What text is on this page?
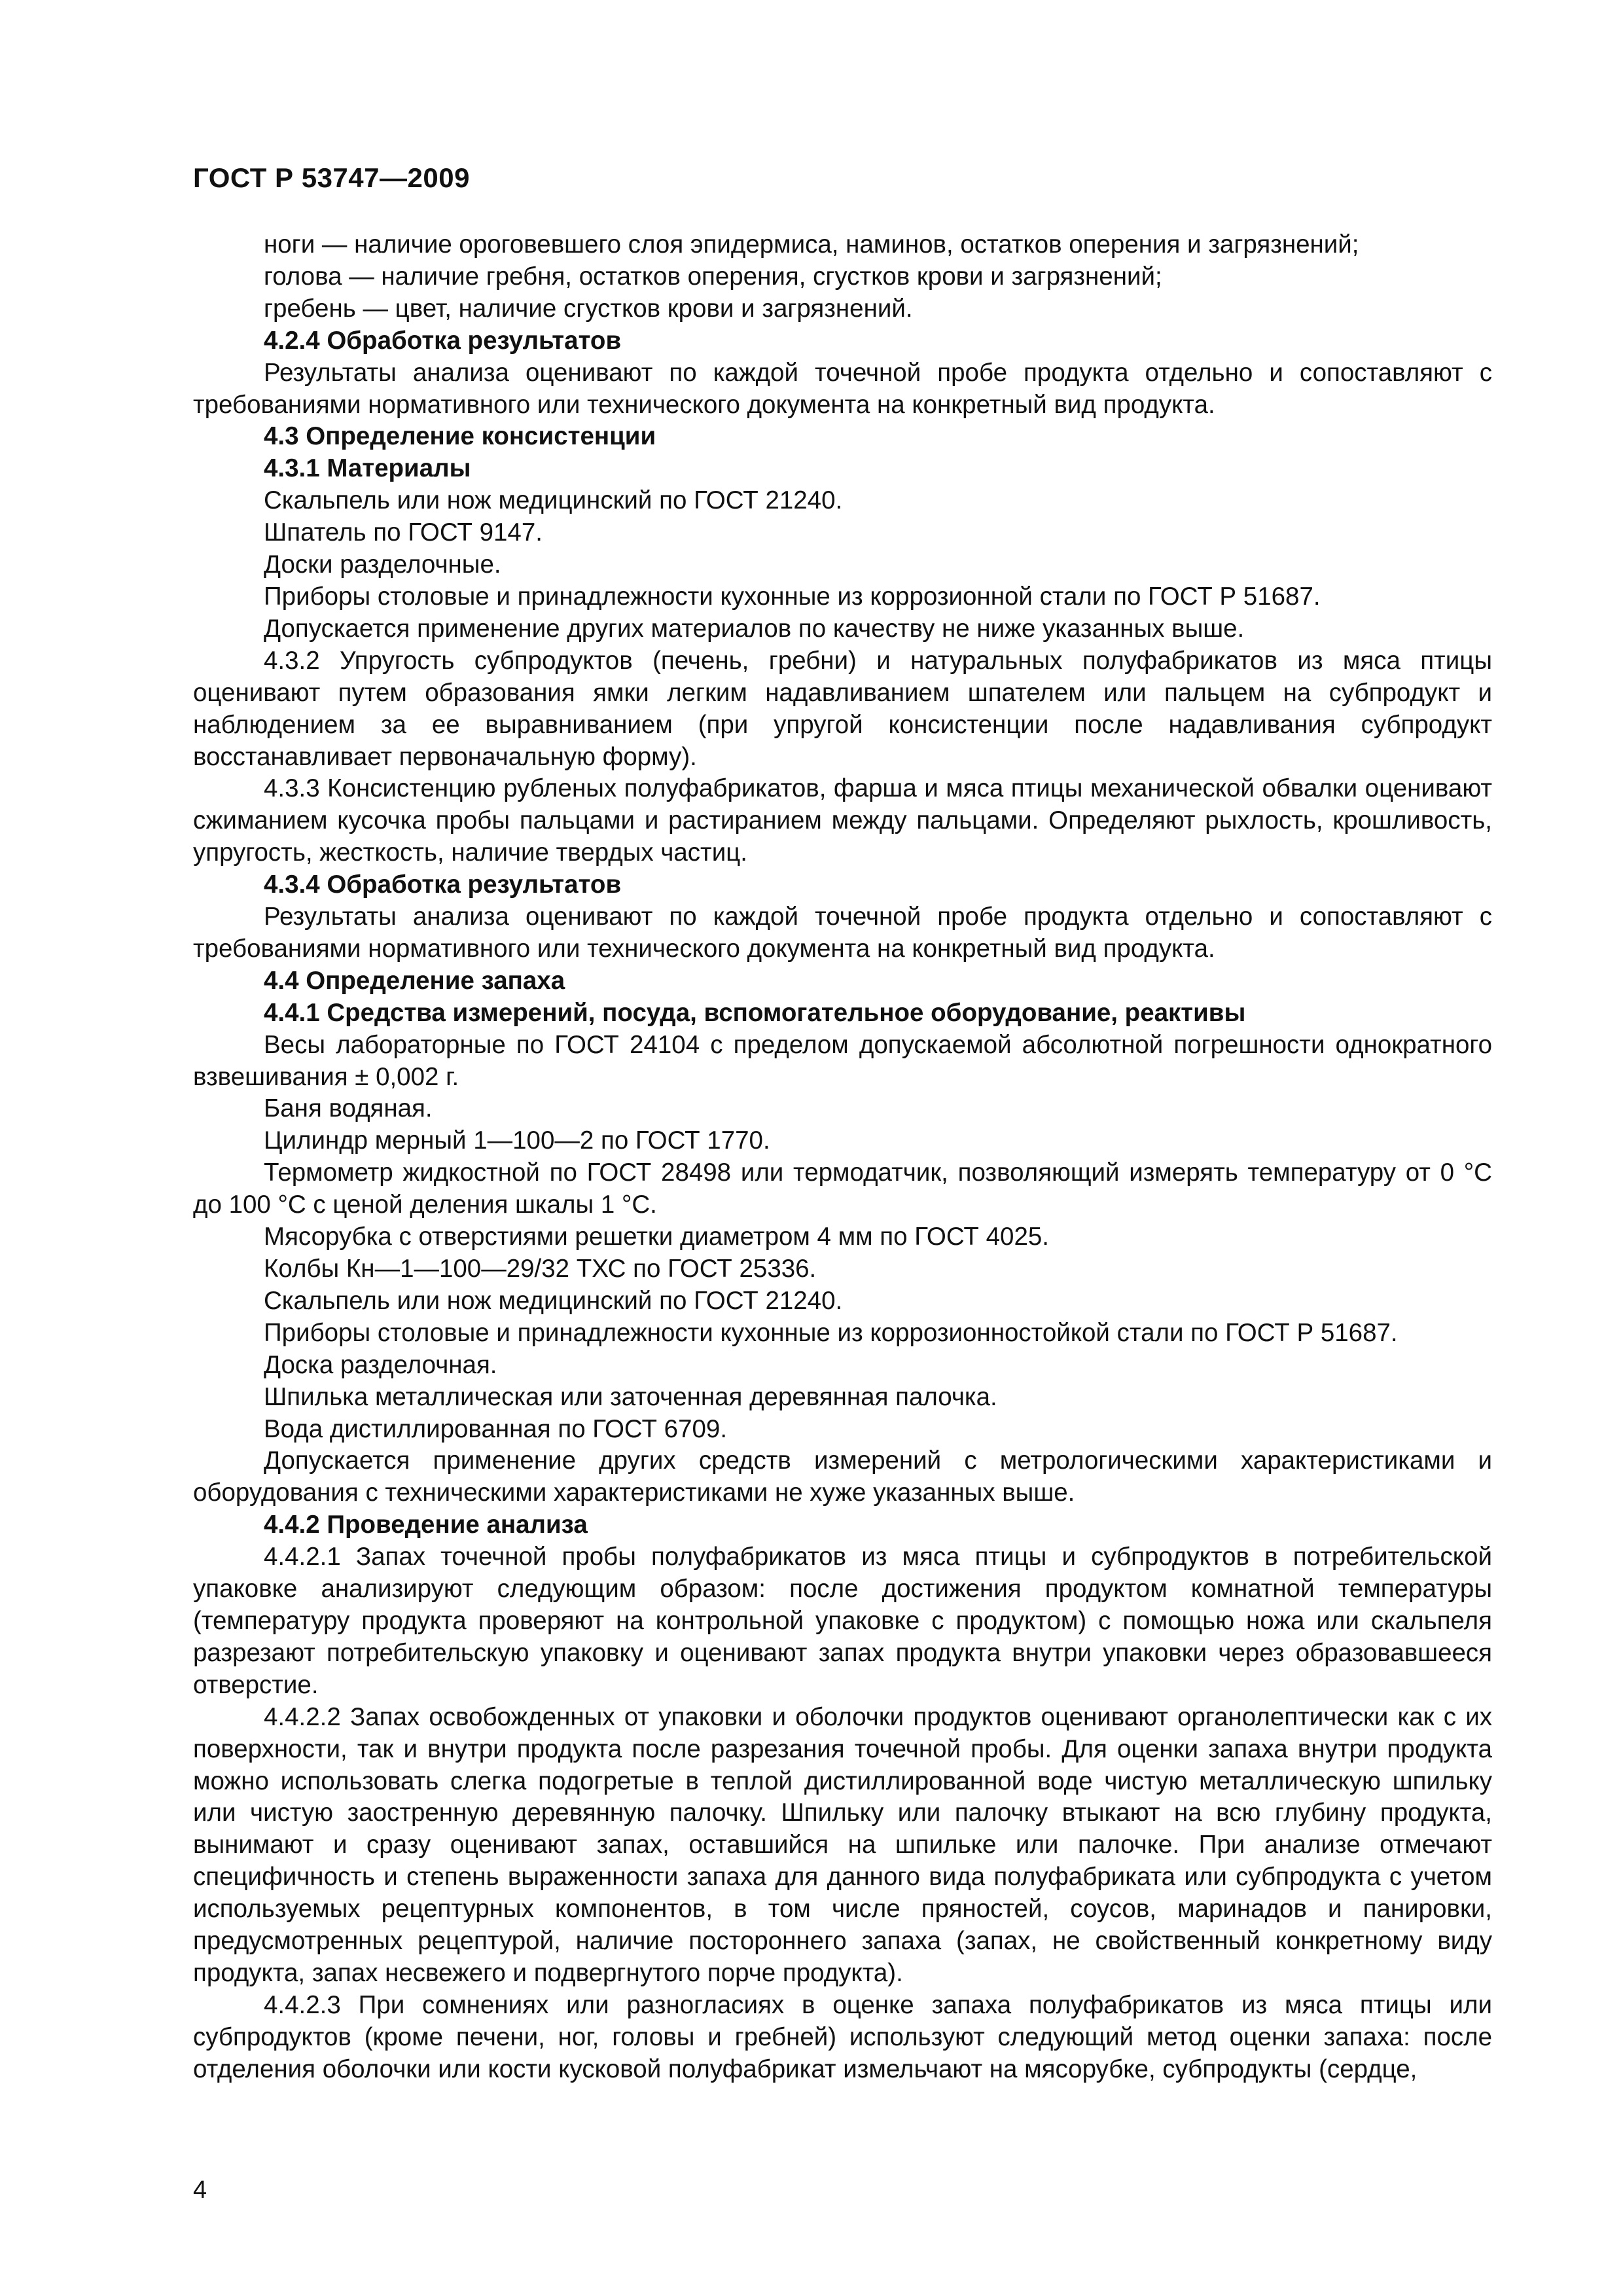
ГОСТ Р 53747—2009

ноги — наличие ороговевшего слоя эпидермиса, наминов, остатков оперения и загрязнений;

голова — наличие гребня, остатков оперения, сгустков крови и загрязнений;

гребень — цвет, наличие сгустков крови и загрязнений.

4.2.4 Обработка результатов

Результаты анализа оценивают по каждой точечной пробе продукта отдельно и сопоставляют с требованиями нормативного или технического документа на конкретный вид продукта.

4.3 Определение консистенции

4.3.1 Материалы

Скальпель или нож медицинский по ГОСТ 21240.

Шпатель по ГОСТ 9147.

Доски разделочные.

Приборы столовые и принадлежности кухонные из коррозионной стали по ГОСТ Р 51687.

Допускается применение других материалов по качеству не ниже указанных выше.

4.3.2 Упругость субпродуктов (печень, гребни) и натуральных полуфабрикатов из мяса птицы оценивают путем образования ямки легким надавливанием шпателем или пальцем на субпродукт и наблюдением за ее выравниванием (при упругой консистенции после надавливания субпродукт восстанавливает первоначальную форму).

4.3.3 Консистенцию рубленых полуфабрикатов, фарша и мяса птицы механической обвалки оценивают сжиманием кусочка пробы пальцами и растиранием между пальцами. Определяют рыхлость, крошливость, упругость, жесткость, наличие твердых частиц.

4.3.4 Обработка результатов

Результаты анализа оценивают по каждой точечной пробе продукта отдельно и сопоставляют с требованиями нормативного или технического документа на конкретный вид продукта.

4.4 Определение запаха

4.4.1 Средства измерений, посуда, вспомогательное оборудование, реактивы

Весы лабораторные по ГОСТ 24104 с пределом допускаемой абсолютной погрешности однократного взвешивания ± 0,002 г.

Баня водяная.

Цилиндр мерный 1—100—2 по ГОСТ 1770.

Термометр жидкостной по ГОСТ 28498 или термодатчик, позволяющий измерять температуру от 0 °С до 100 °С с ценой деления шкалы 1 °С.

Мясорубка с отверстиями решетки диаметром 4 мм по ГОСТ 4025.

Колбы Кн—1—100—29/32 ТХС по ГОСТ 25336.

Скальпель или нож медицинский по ГОСТ 21240.

Приборы столовые и принадлежности кухонные из коррозионностойкой стали по ГОСТ Р 51687.

Доска разделочная.

Шпилька металлическая или заточенная деревянная палочка.

Вода дистиллированная по ГОСТ 6709.

Допускается применение других средств измерений с метрологическими характеристиками и оборудования с техническими характеристиками не хуже указанных выше.

4.4.2 Проведение анализа

4.4.2.1 Запах точечной пробы полуфабрикатов из мяса птицы и субпродуктов в потребительской упаковке анализируют следующим образом: после достижения продуктом комнатной температуры (температуру продукта проверяют на контрольной упаковке с продуктом) с помощью ножа или скальпеля разрезают потребительскую упаковку и оценивают запах продукта внутри упаковки через образовавшееся отверстие.

4.4.2.2 Запах освобожденных от упаковки и оболочки продуктов оценивают органолептически как с их поверхности, так и внутри продукта после разрезания точечной пробы. Для оценки запаха внутри продукта можно использовать слегка подогретые в теплой дистиллированной воде чистую металлическую шпильку или чистую заостренную деревянную палочку. Шпильку или палочку втыкают на всю глубину продукта, вынимают и сразу оценивают запах, оставшийся на шпильке или палочке. При анализе отмечают специфичность и степень выраженности запаха для данного вида полуфабриката или субпродукта с учетом используемых рецептурных компонентов, в том числе пряностей, соусов, маринадов и панировки, предусмотренных рецептурой, наличие постороннего запаха (запах, не свойственный конкретному виду продукта, запах несвежего и подвергнутого порче продукта).

4.4.2.3 При сомнениях или разногласиях в оценке запаха полуфабрикатов из мяса птицы или субпродуктов (кроме печени, ног, головы и гребней) используют следующий метод оценки запаха: после отделения оболочки или кости кусковой полуфабрикат измельчают на мясорубке, субпродукты (сердце,

4
